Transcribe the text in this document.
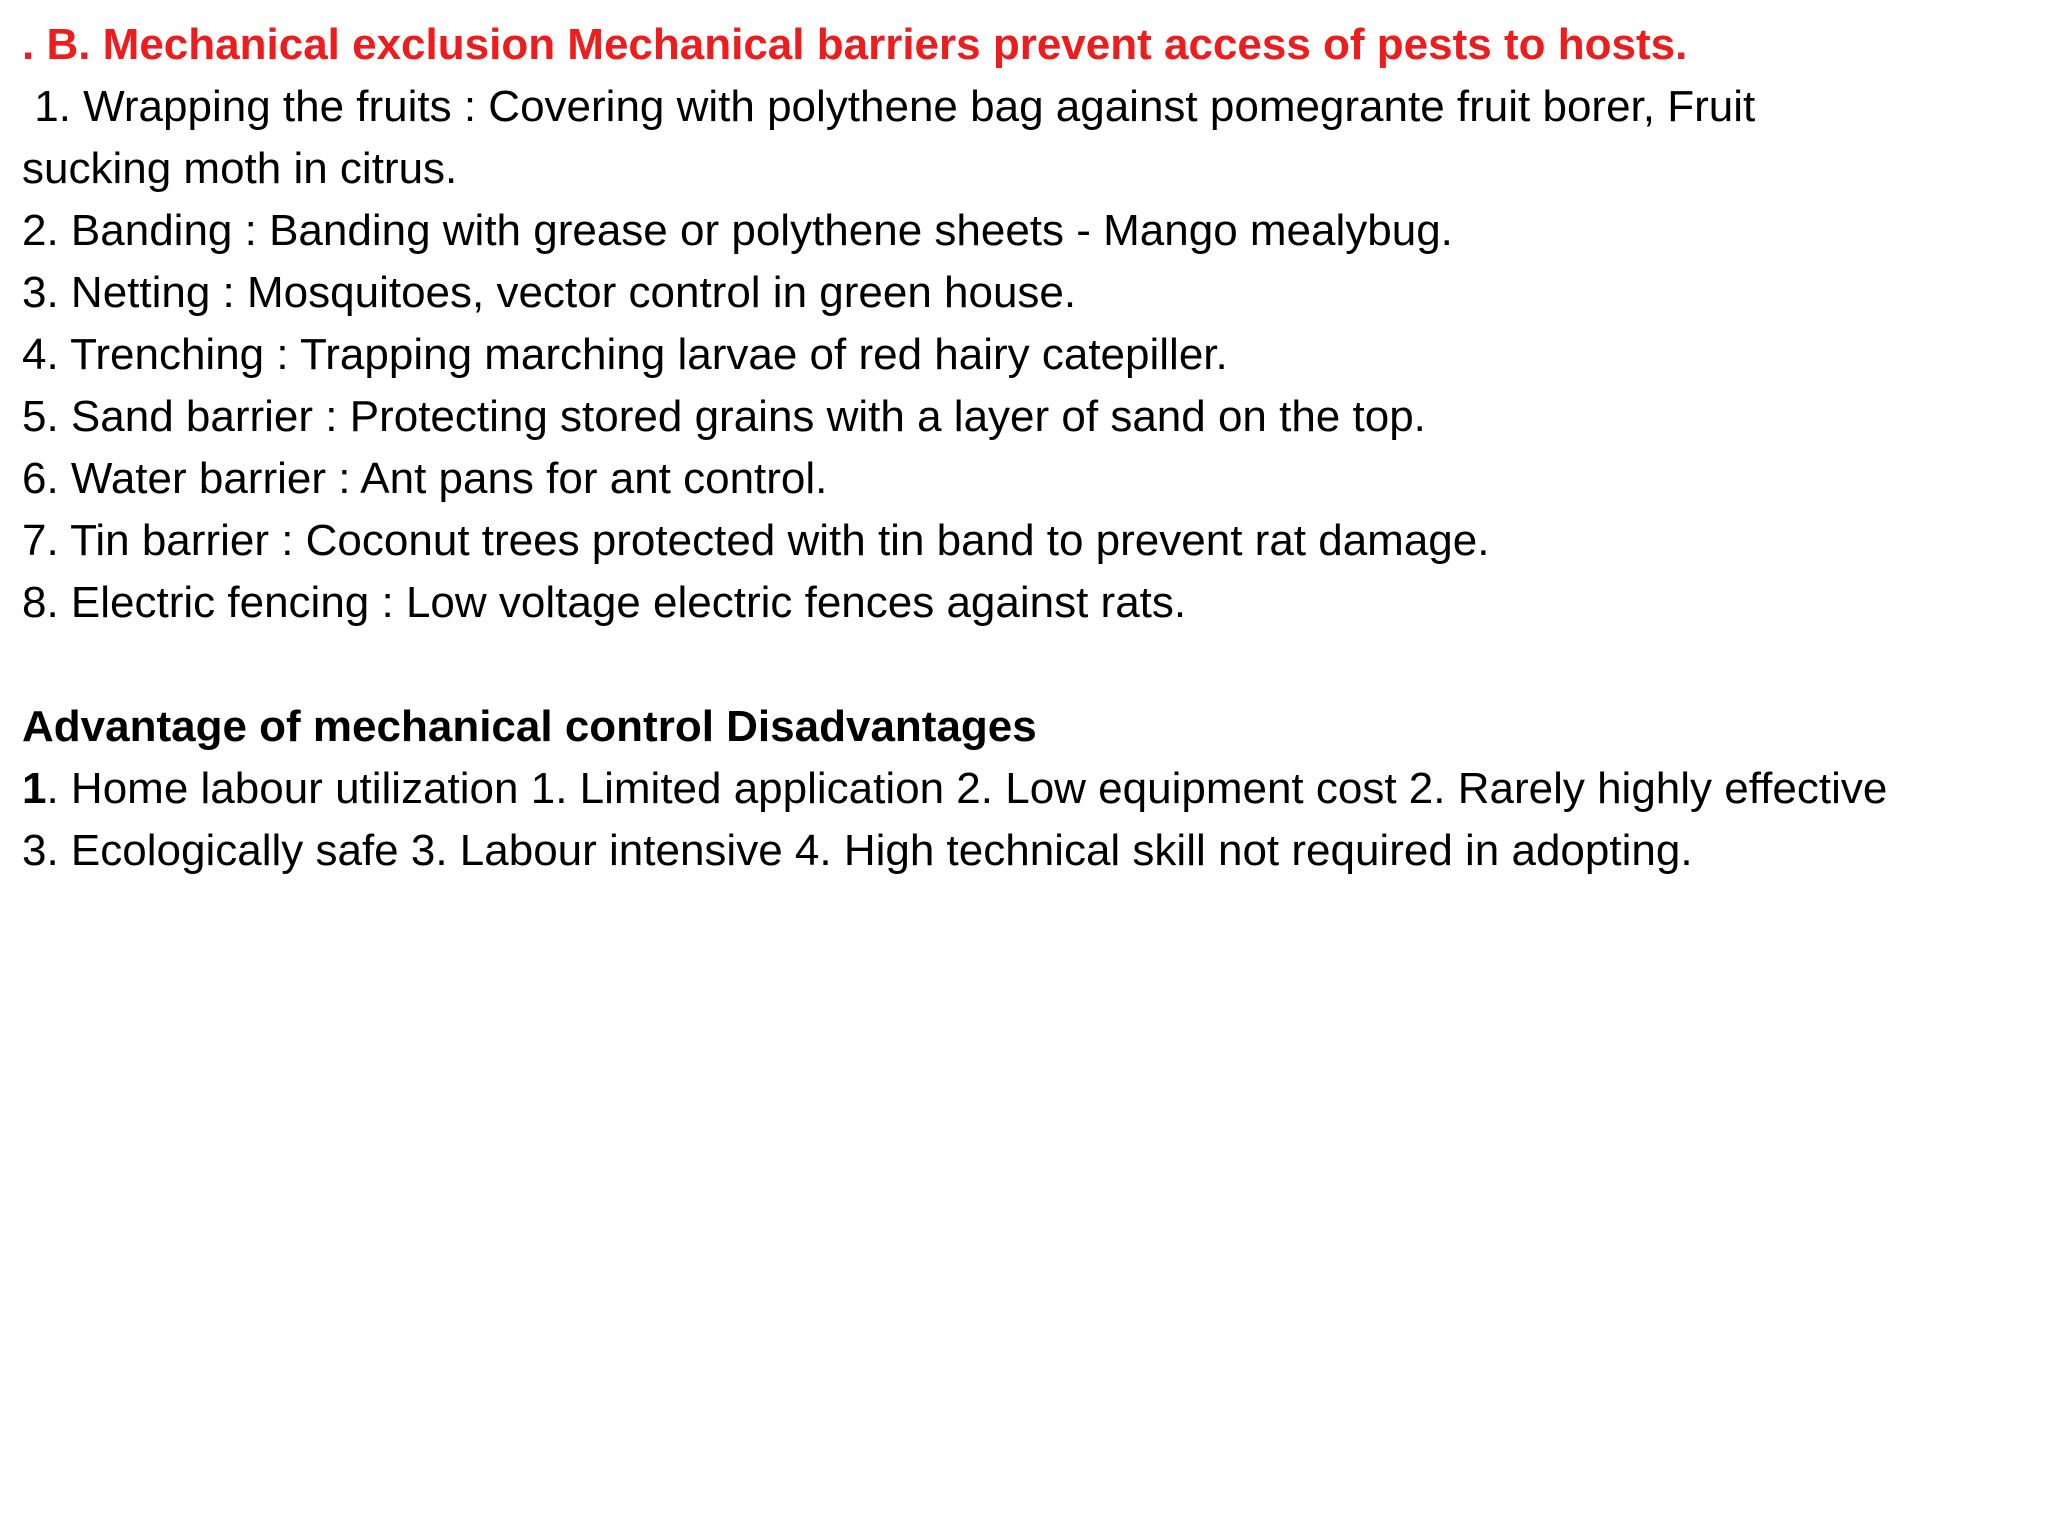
. B. Mechanical exclusion Mechanical barriers prevent access of pests to hosts.

1. Wrapping the fruits : Covering with polythene bag against pomegrante fruit borer, Fruit

sucking moth in citrus.

2. Banding : Banding with grease or polythene sheets - Mango mealybug.

3. Netting : Mosquitoes, vector control in green house.

4. Trenching : Trapping marching larvae of red hairy catepiller.

5. Sand barrier : Protecting stored grains with a layer of sand on the top.

6. Water barrier : Ant pans for ant control.

7. Tin barrier : Coconut trees protected with tin band to prevent rat damage.

8. Electric fencing : Low voltage electric fences against rats.

Advantage of mechanical control Disadvantages

1. Home labour utilization 1. Limited application 2. Low equipment cost 2. Rarely highly effective

3. Ecologically safe 3. Labour intensive 4. High technical skill not required in adopting.
